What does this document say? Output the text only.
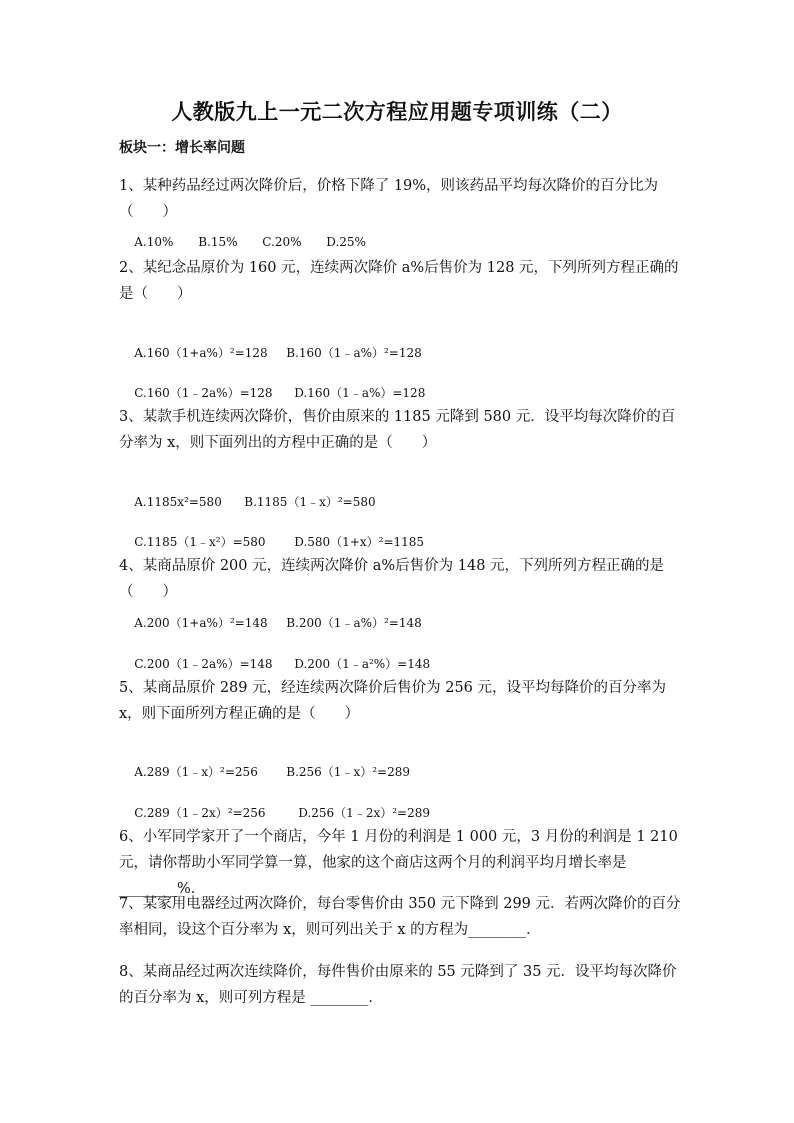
人教版九上一元二次方程应用题专项训练（二）
板块一：增长率问题
1、某种药品经过两次降价后，价格下降了 19%，则该药品平均每次降价的百分比为（　　）

A.10% B.15% C.20% D.25%

2、某纪念品原价为 160 元，连续两次降价 a%后售价为 128 元，下列所列方程正确的是（　　）

A.160（1+a%）²=128 B.160（1﹣a%）²=128

C.160（1﹣2a%）=128 D.160（1﹣a%）=128

3、某款手机连续两次降价，售价由原来的 1185 元降到 580 元．设平均每次降价的百分率为 x，则下面列出的方程中正确的是（　　）

A.1185x²=580 B.1185（1﹣x）²=580

C.1185（1﹣x²）=580 D.580（1+x）²=1185

4、某商品原价 200 元，连续两次降价 a%后售价为 148 元，下列所列方程正确的是（　　）

A.200（1+a%）²=148 B.200（1﹣a%）²=148

C.200（1﹣2a%）=148 D.200（1﹣a²%）=148

5、某商品原价 289 元，经连续两次降价后售价为 256 元，设平均每降价的百分率为 x，则下面所列方程正确的是（　　）

A.289（1﹣x）²=256 B.256（1﹣x）²=289

C.289（1﹣2x）²=256	D.256（1﹣2x）²=289

6、小军同学家开了一个商店，今年 1 月份的利润是 1 000 元，3 月份的利润是 1 210 元，请你帮助小军同学算一算，他家的这个商店这两个月的利润平均月增长率是________%．
7、某家用电器经过两次降价，每台零售价由 350 元下降到 299 元．若两次降价的百分率相同，设这个百分率为 x，则可列出关于 x 的方程为________．
8、某商品经过两次连续降价，每件售价由原来的 55 元降到了 35 元．设平均每次降价的百分率为 x，则可列方程是 ________．
